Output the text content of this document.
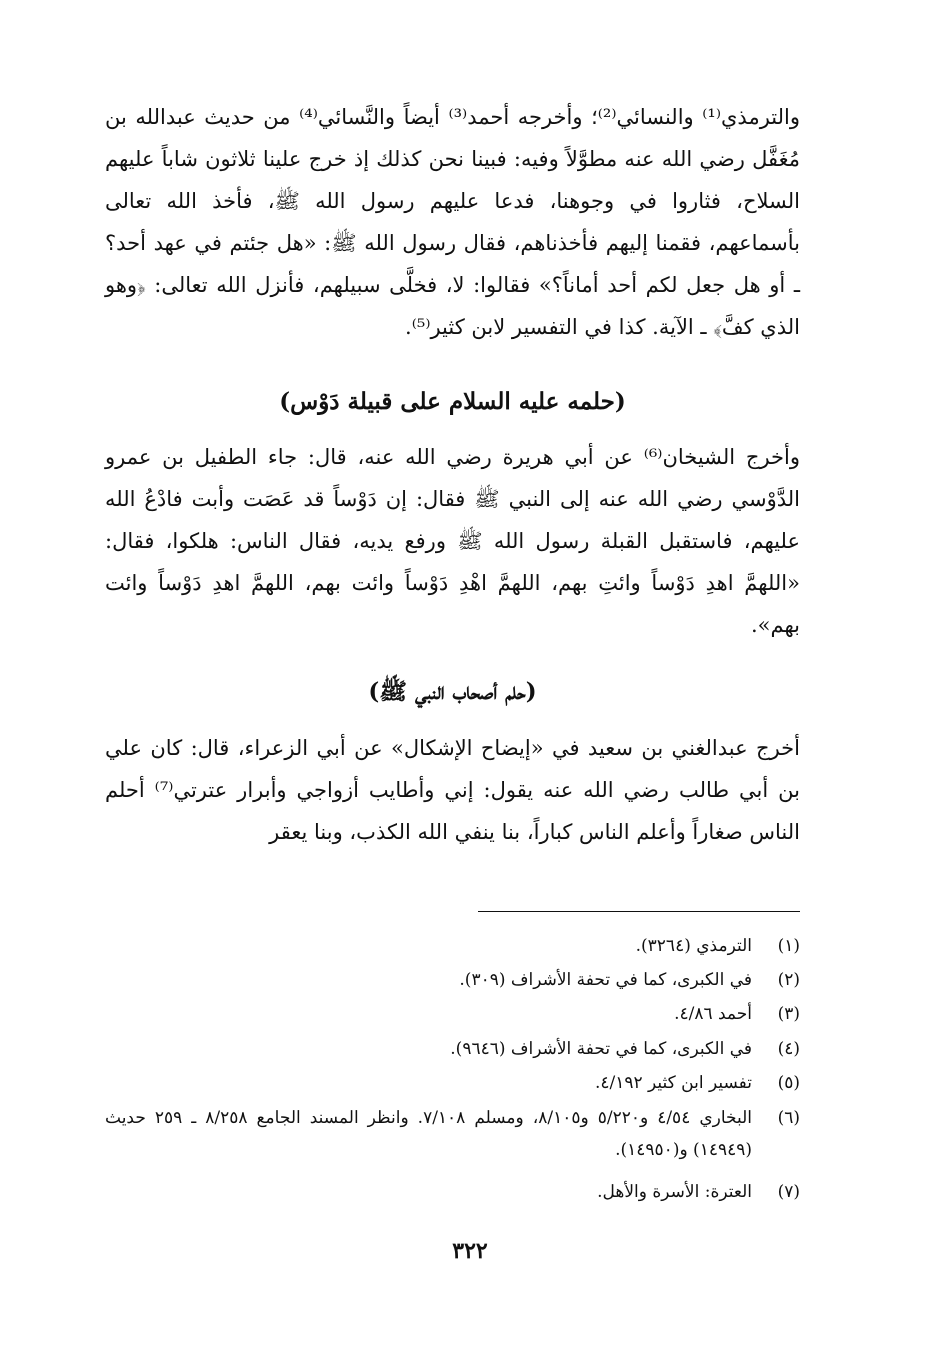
والترمذي⁽¹⁾ والنسائي⁽²⁾؛ وأخرجه أحمد⁽³⁾ أيضاً والنَّسائي⁽⁴⁾ من حديث عبدالله بن مُغَفَّل رضي الله عنه مطوَّلاً وفيه: فبينا نحن كذلك إذ خرج علينا ثلاثون شاباً عليهم السلاح، فثاروا في وجوهنا، فدعا عليهم رسول الله ﷺ، فأخذ الله تعالى بأسماعهم، فقمنا إليهم فأخذناهم، فقال رسول الله ﷺ: «هل جئتم في عهد أحد؟ ـ أو هل جعل لكم أحد أماناً؟» فقالوا: لا، فخلَّى سبيلهم، فأنزل الله تعالى: ﴿وهو الذي كفَّ﴾ ـ الآية. كذا في التفسير لابن كثير⁽⁵⁾.

(حلمه عليه السلام على قبيلة دَوْس)

وأخرج الشيخان⁽⁶⁾ عن أبي هريرة رضي الله عنه، قال: جاء الطفيل بن عمرو الدَّوْسي رضي الله عنه إلى النبي ﷺ فقال: إن دَوْساً قد عَصَت وأبت فادْعُ الله عليهم، فاستقبل القبلة رسول الله ﷺ ورفع يديه، فقال الناس: هلكوا، فقال: «اللهمَّ اهدِ دَوْساً وائتِ بهم، اللهمَّ اهْدِ دَوْساً وائت بهم، اللهمَّ اهدِ دَوْساً وائت بهم».

(حلم أصحاب النبي ﷺ)

أخرج عبدالغني بن سعيد في «إيضاح الإشكال» عن أبي الزعراء، قال: كان علي بن أبي طالب رضي الله عنه يقول: إني وأطايب أزواجي وأبرار عترتي⁽⁷⁾ أحلم الناس صغاراً وأعلم الناس كباراً، بنا ينفي الله الكذب، وبنا يعقر

(١)
الترمذي (٣٢٦٤).
(٢)
في الكبرى، كما في تحفة الأشراف (٣٠٩).
(٣)
أحمد ٤/٨٦.
(٤)
في الكبرى، كما في تحفة الأشراف (٩٦٤٦).
(٥)
تفسير ابن كثير ٤/١٩٢.
(٦)
البخاري ٤/٥٤ و٥/٢٢٠ و٨/١٠٥، ومسلم ٧/١٠٨. وانظر المسند الجامع ٨/٢٥٨ ـ ٢٥٩ حديث (١٤٩٤٩) و(١٤٩٥٠).
(٧)
العترة: الأسرة والأهل.
٣٢٢
